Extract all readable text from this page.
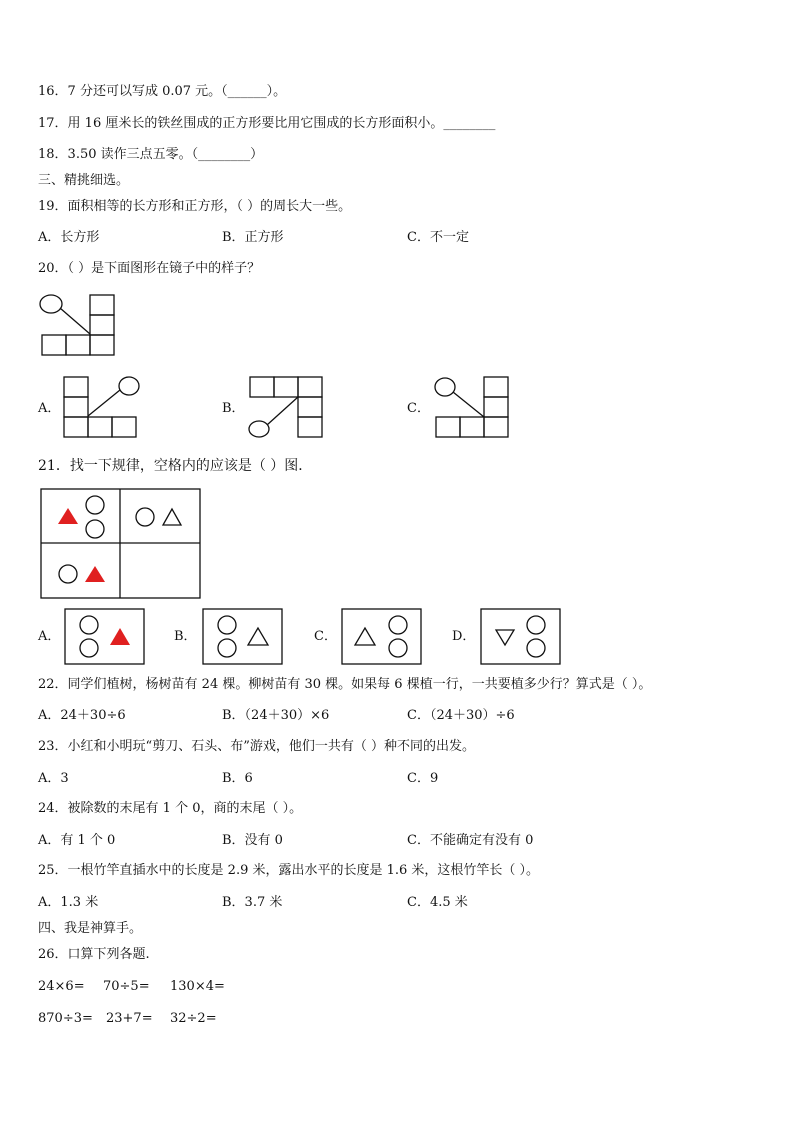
16．7 分还可以写成 0.07 元。（______）。
17．用 16 厘米长的铁丝围成的正方形要比用它围成的长方形面积小。________
18．3.50 读作三点五零。（________）
三、精挑细选。
19．面积相等的长方形和正方形，（ ）的周长大一些。
A．长方形	B．正方形	C．不一定
20．（ ）是下面图形在镜子中的样子？
A．	B．	C．
21．找一下规律，空格内的应该是（ ）图．
A．	B．	C．	D．
22．同学们植树，杨树苗有 24 棵。柳树苗有 30 棵。如果每 6 棵植一行，一共要植多少行？算式是（ ）。
A．24＋30÷6	B．（24＋30）×6	C．（24＋30）÷6
23．小红和小明玩“剪刀、石头、布”游戏，他们一共有（ ）种不同的出发。
A．3	B．6	C．9
24．被除数的末尾有 1 个 0，商的末尾（ ）。
A．有 1 个 0	B．没有 0	C．不能确定有没有 0
25．一根竹竿直插水中的长度是 2.9 米，露出水平的长度是 1.6 米，这根竹竿长（ ）。
A．1.3 米	B．3.7 米	C．4.5 米
四、我是神算手。
26．口算下列各题.
24×6= 70÷5= 130×4=
870÷3= 23+7= 32÷2=
